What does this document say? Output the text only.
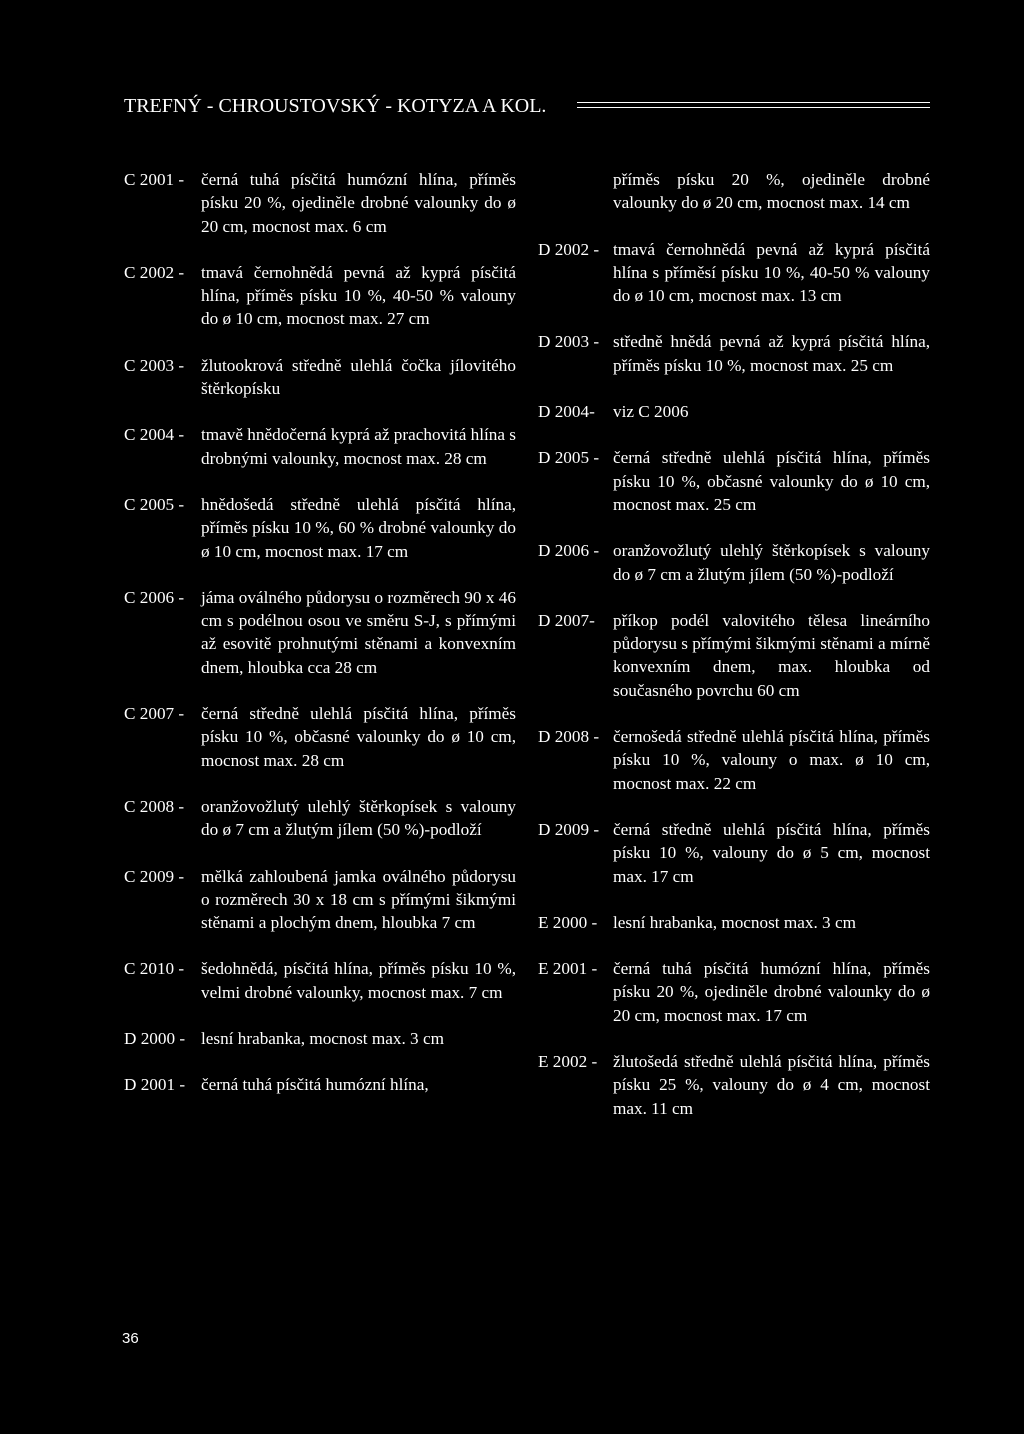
TREFNÝ - CHROUSTOVSKÝ - KOTYZA A KOL.
C 2001 - černá tuhá písčitá humózní hlína, příměs písku 20 %, ojediněle drobné valounky do ø 20 cm, mocnost max. 6 cm
C 2002 - tmavá černohnědá pevná až kyprá písčitá hlína, příměs písku 10 %, 40-50 % valouny do ø 10 cm, mocnost max. 27 cm
C 2003 - žlutookrová středně ulehlá čočka jílovitého štěrkopísku
C 2004 - tmavě hnědočerná kyprá až prachovitá hlína s drobnými valounky, mocnost max. 28 cm
C 2005 - hnědošedá středně ulehlá písčitá hlína, příměs písku 10 %, 60 % drobné valounky do ø 10 cm, mocnost max. 17 cm
C 2006 - jáma oválného půdorysu o rozměrech 90 x 46 cm s podélnou osou ve směru S-J, s přímými až esovitě prohnutými stěnami a konvexním dnem, hloubka cca 28 cm
C 2007 - černá středně ulehlá písčitá hlína, příměs písku 10 %, občasné valounky do ø 10 cm, mocnost max. 28 cm
C 2008 - oranžovožlutý ulehlý štěrkopísek s valouny do ø 7 cm a žlutým jílem (50 %)-podloží
C 2009 - mělká zahloubená jamka oválného půdorysu o rozměrech 30 x 18 cm s přímými šikmými stěnami a plochým dnem, hloubka 7 cm
C 2010 - šedohnědá, písčitá hlína, příměs písku 10 %, velmi drobné valounky, mocnost max. 7 cm
D 2000 - lesní hrabanka, mocnost max. 3 cm
D 2001 - černá tuhá písčitá humózní hlína,
příměs písku 20 %, ojediněle drobné valounky do ø 20 cm, mocnost max. 14 cm
D 2002 - tmavá černohnědá pevná až kyprá písčitá hlína s příměsí písku 10 %, 40-50 % valouny do ø 10 cm, mocnost max. 13 cm
D 2003 - středně hnědá pevná až kyprá písčitá hlína, příměs písku 10 %, mocnost max. 25 cm
D 2004-	viz C 2006
D 2005 - černá středně ulehlá písčitá hlína, příměs písku 10 %, občasné valounky do ø 10 cm, mocnost max. 25 cm
D 2006 - oranžovožlutý ulehlý štěrkopísek s valouny do ø 7 cm a žlutým jílem (50 %)-podloží
D 2007-	příkop podél valovitého tělesa lineárního půdorysu s přímými šikmými stěnami a mírně konvexním dnem, max. hloubka od současného povrchu 60 cm
D 2008 - černošedá středně ulehlá písčitá hlína, příměs písku 10 %, valouny o max. ø 10 cm, mocnost max. 22 cm
D 2009 - černá středně ulehlá písčitá hlína, příměs písku 10 %, valouny do ø 5 cm, mocnost max. 17 cm
E 2000 - lesní hrabanka, mocnost max. 3 cm
E 2001 - černá tuhá písčitá humózní hlína, příměs písku 20 %, ojediněle drobné valounky do ø 20 cm, mocnost max. 17 cm
E 2002 - žlutošedá středně ulehlá písčitá hlína, příměs písku 25 %, valouny do ø 4 cm, mocnost max. 11 cm
36
